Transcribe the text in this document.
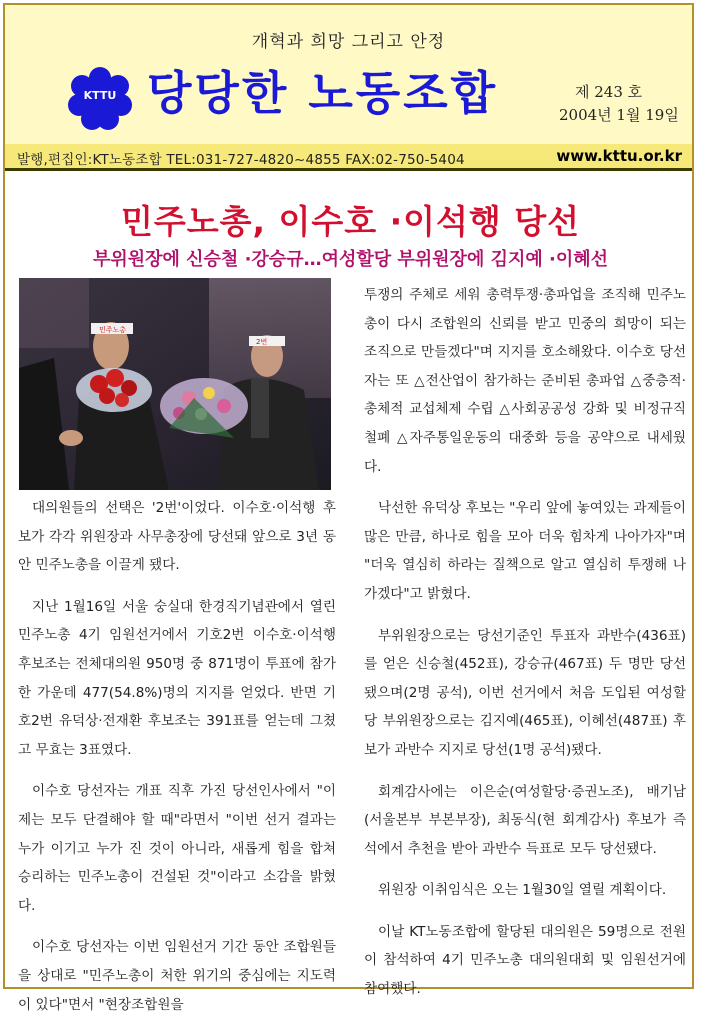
개혁과 희망 그리고 안정
KTTU 당당한 노동조합	제 243 호
2004년 1월 19일
발행,편집인:KT노동조합 TEL:031-727-4820~4855 FAX:02-750-5404	www.kttu.or.kr
민주노총, 이수호 ·이석행 당선
부위원장에 신승철 ·강승규…여성할당 부위원장에 김지예 ·이혜선
민주노총
2번

대의원들의 선택은 '2번'이었다. 이수호·이석행 후보가 각각 위원장과 사무총장에 당선돼 앞으로 3년 동안 민주노총을 이끌게 됐다.

지난 1월16일 서울 숭실대 한경직기념관에서 열린 민주노총 4기 임원선거에서 기호2번 이수호·이석행 후보조는 전체대의원 950명 중 871명이 투표에 참가한 가운데 477(54.8%)명의 지지를 얻었다. 반면 기호2번 유덕상·전재환 후보조는 391표를 얻는데 그쳤고 무효는 3표였다.

이수호 당선자는 개표 직후 가진 당선인사에서 "이제는 모두 단결해야 할 때"라면서 "이번 선거 결과는 누가 이기고 누가 진 것이 아니라, 새롭게 힘을 합쳐 승리하는 민주노총이 건설된 것"이라고 소감을 밝혔다.

이수호 당선자는 이번 임원선거 기간 동안 조합원들을 상대로 "민주노총이 처한 위기의 중심에는 지도력이 있다"면서 "현장조합원을

투쟁의 주체로 세워 총력투쟁·총파업을 조직해 민주노총이 다시 조합원의 신뢰를 받고 민중의 희망이 되는 조직으로 만들겠다"며 지지를 호소해왔다. 이수호 당선자는 또 △전산업이 참가하는 준비된 총파업 △중층적·총체적 교섭체제 수립 △사회공공성 강화 및 비정규직 철폐 △자주통일운동의 대중화 등을 공약으로 내세웠다.

낙선한 유덕상 후보는 "우리 앞에 놓여있는 과제들이 많은 만큼, 하나로 힘을 모아 더욱 힘차게 나아가자"며 "더욱 열심히 하라는 질책으로 알고 열심히 투쟁해 나가겠다"고 밝혔다.

부위원장으로는 당선기준인 투표자 과반수(436표)를 얻은 신승철(452표), 강승규(467표) 두 명만 당선됐으며(2명 공석), 이번 선거에서 처음 도입된 여성할당 부위원장으로는 김지예(465표), 이혜선(487표) 후보가 과반수 지지로 당선(1명 공석)됐다.

회계감사에는 이은순(여성할당·증권노조), 배기남(서울본부 부본부장), 최동식(현 회계감사) 후보가 즉석에서 추천을 받아 과반수 득표로 모두 당선됐다.

위원장 이취임식은 오는 1월30일 열릴 계획이다.

이날 KT노동조합에 할당된 대의원은 59명으로 전원이 참석하여 4기 민주노총 대의원대회 및 임원선거에 참여했다.
